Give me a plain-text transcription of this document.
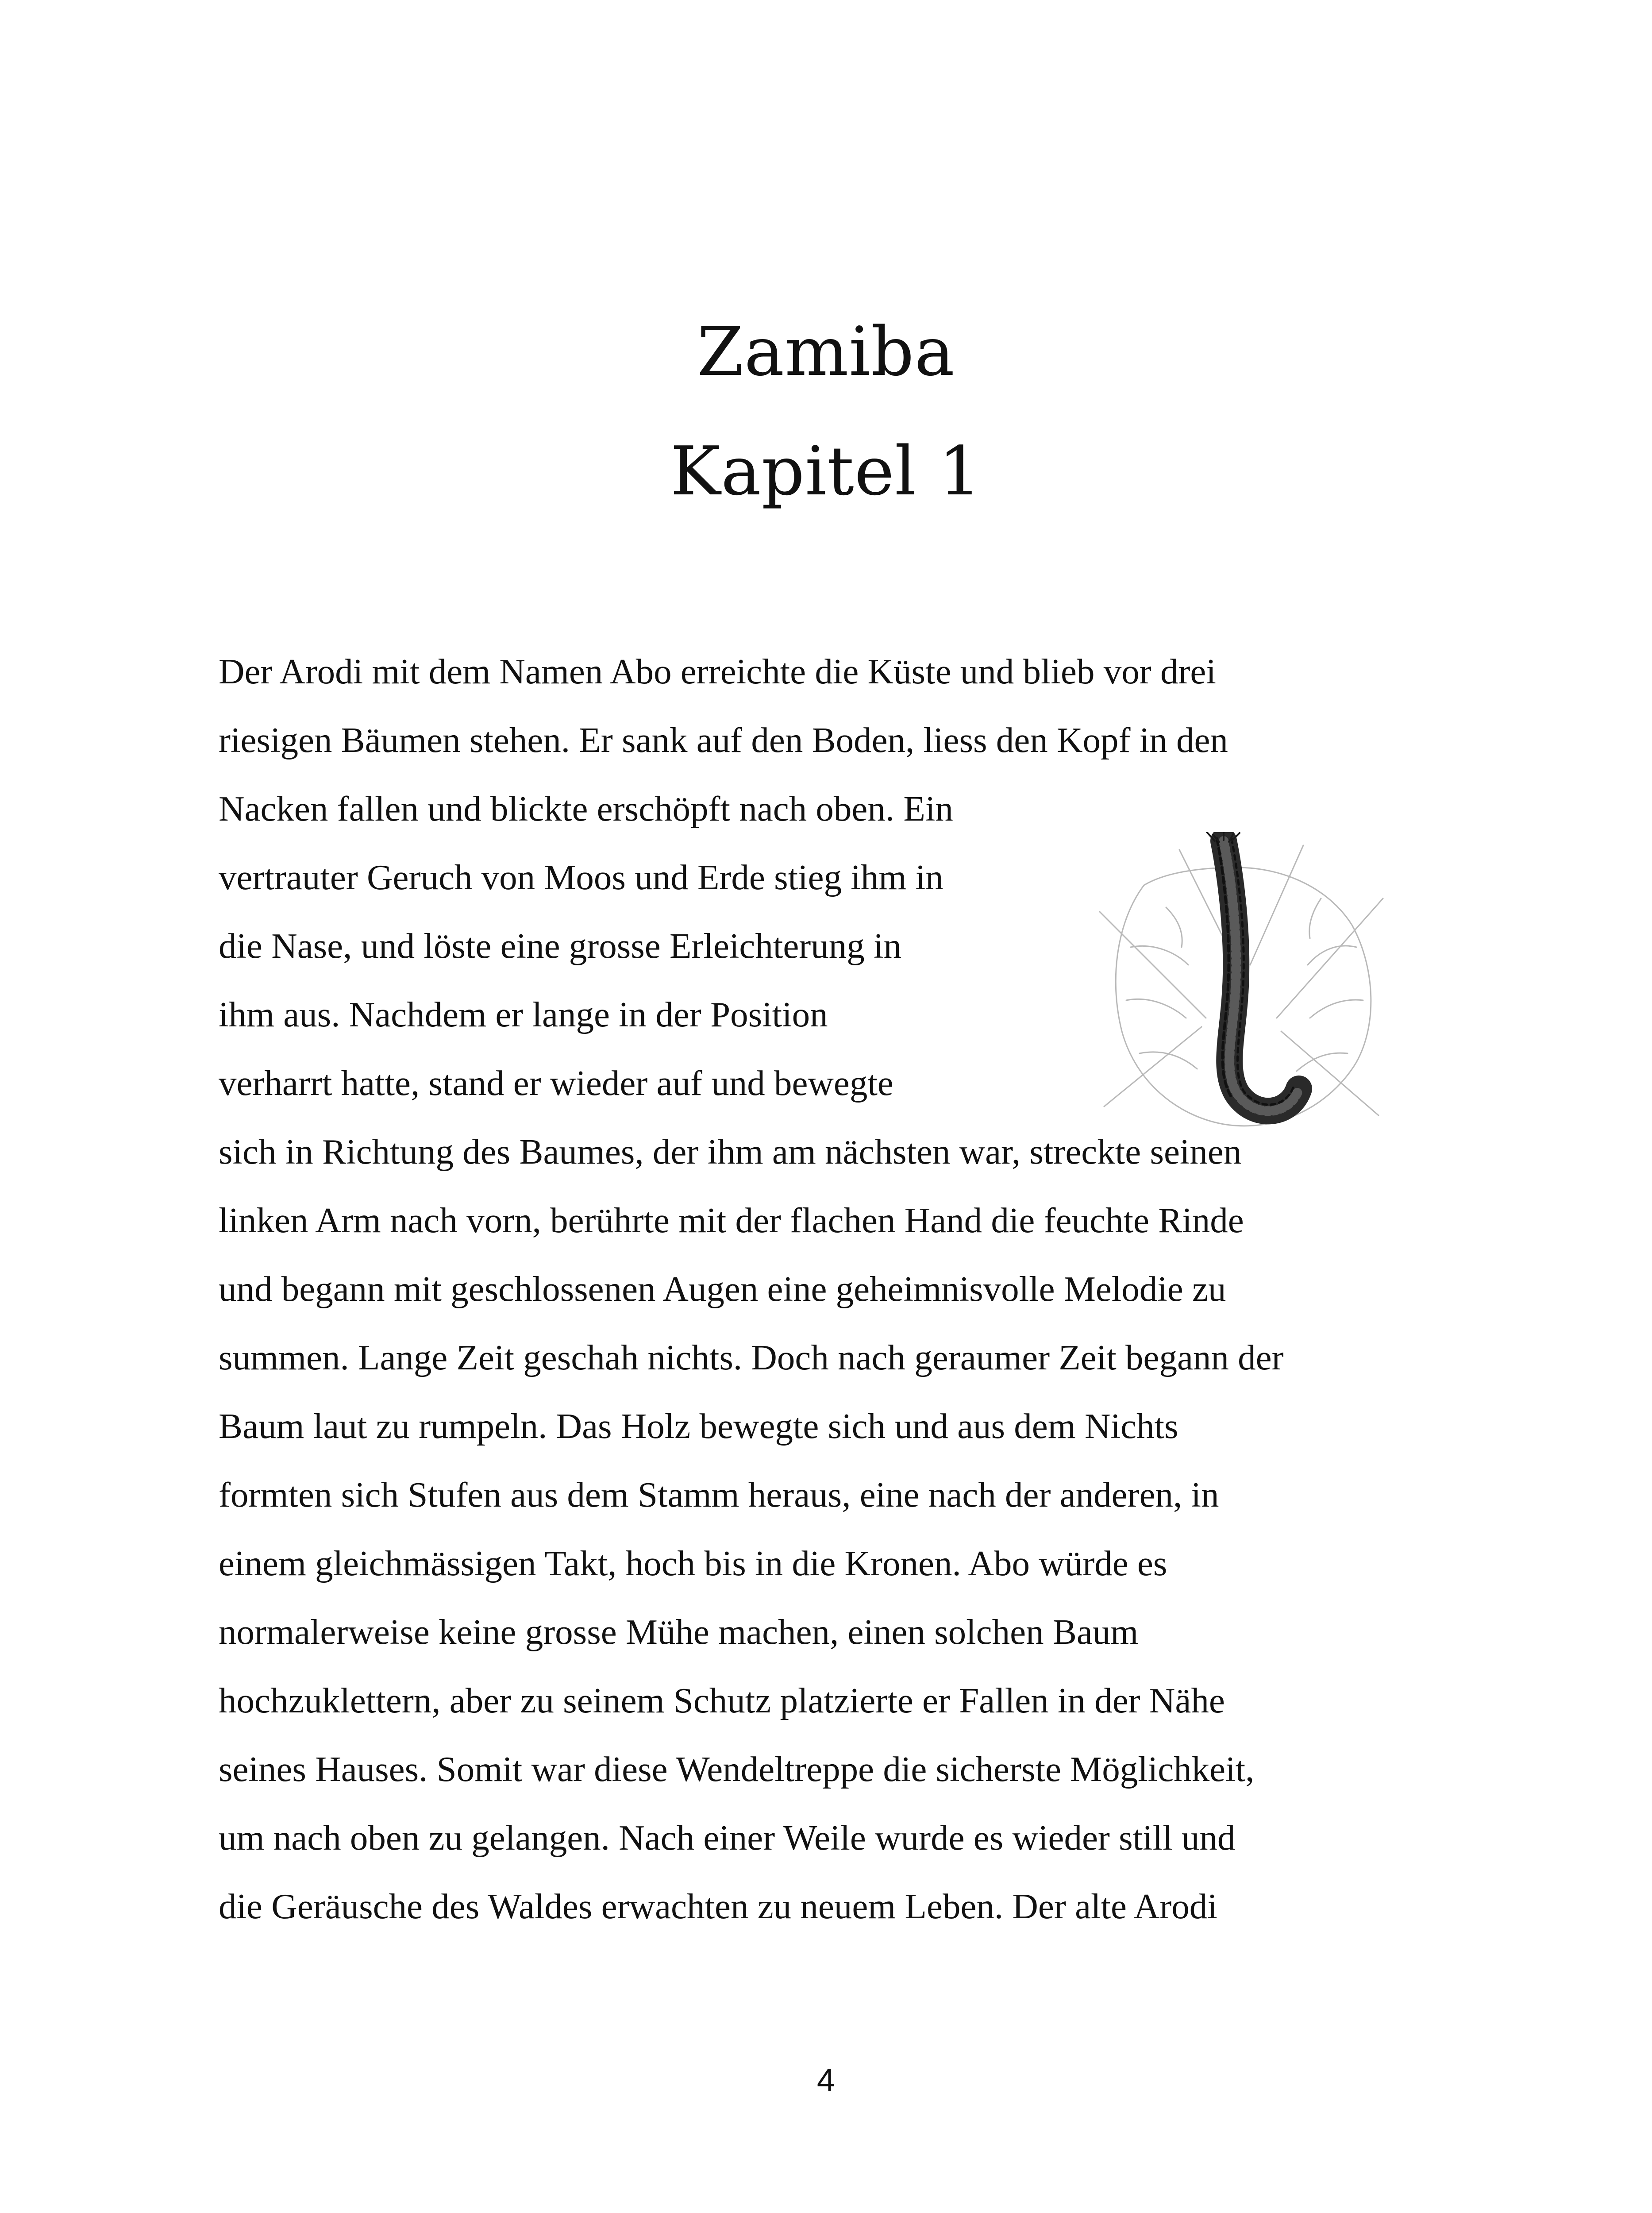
Zamiba
Kapitel 1
Der Arodi mit dem Namen Abo erreichte die Küste und blieb vor drei
riesigen Bäumen stehen. Er sank auf den Boden, liess den Kopf in den
Nacken fallen und blickte erschöpft nach oben. Ein
vertrauter Geruch von Moos und Erde stieg ihm in
die Nase, und löste eine grosse Erleichterung in
ihm aus. Nachdem er lange in der Position
verharrt hatte, stand er wieder auf und bewegte
sich in Richtung des Baumes, der ihm am nächsten war, streckte seinen
linken Arm nach vorn, berührte mit der flachen Hand die feuchte Rinde
und begann mit geschlossenen Augen eine geheimnisvolle Melodie zu
summen. Lange Zeit geschah nichts. Doch nach geraumer Zeit begann der
Baum laut zu rumpeln. Das Holz bewegte sich und aus dem Nichts
formten sich Stufen aus dem Stamm heraus, eine nach der anderen, in
einem gleichmässigen Takt, hoch bis in die Kronen. Abo würde es
normalerweise keine grosse Mühe machen, einen solchen Baum
hochzuklettern, aber zu seinem Schutz platzierte er Fallen in der Nähe
seines Hauses. Somit war diese Wendeltreppe die sicherste Möglichkeit,
um nach oben zu gelangen. Nach einer Weile wurde es wieder still und
die Geräusche des Waldes erwachten zu neuem Leben. Der alte Arodi
4
